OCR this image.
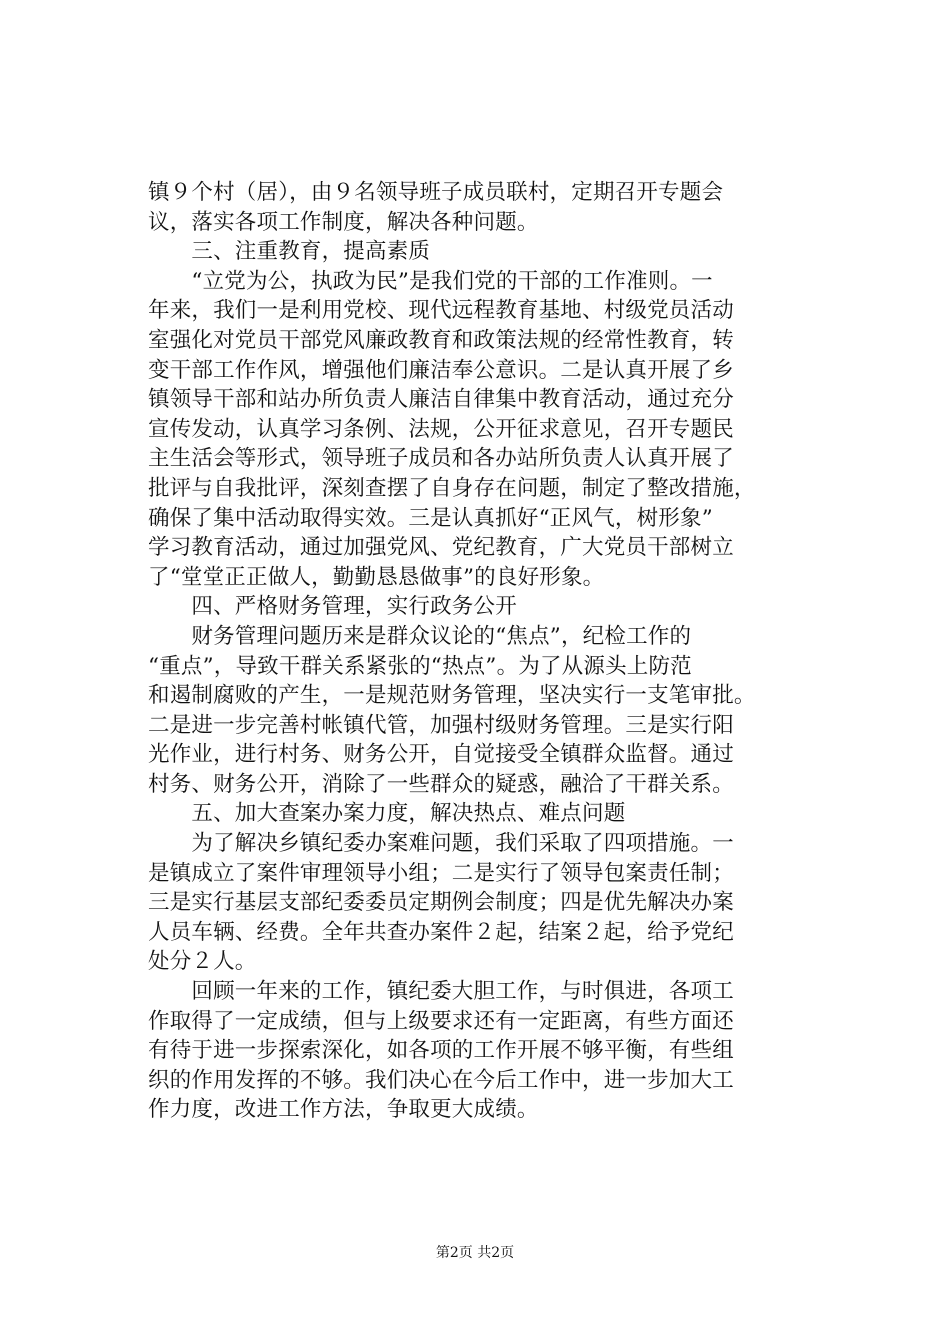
镇９个村（居），由９名领导班子成员联村，定期召开专题会
议，落实各项工作制度，解决各种问题。
　　三、注重教育，提高素质
　　“立党为公，执政为民”是我们党的干部的工作准则。一
年来，我们一是利用党校、现代远程教育基地、村级党员活动
室强化对党员干部党风廉政教育和政策法规的经常性教育，转
变干部工作作风，增强他们廉洁奉公意识。二是认真开展了乡
镇领导干部和站办所负责人廉洁自律集中教育活动，通过充分
宣传发动，认真学习条例、法规，公开征求意见，召开专题民
主生活会等形式，领导班子成员和各办站所负责人认真开展了
批评与自我批评，深刻查摆了自身存在问题，制定了整改措施，
确保了集中活动取得实效。三是认真抓好“正风气，树形象”
学习教育活动，通过加强党风、党纪教育，广大党员干部树立
了“堂堂正正做人，勤勤恳恳做事”的良好形象。
　　四、严格财务管理，实行政务公开
　　财务管理问题历来是群众议论的“焦点”，纪检工作的
“重点”，导致干群关系紧张的“热点”。为了从源头上防范
和遏制腐败的产生，一是规范财务管理，坚决实行一支笔审批。
二是进一步完善村帐镇代管，加强村级财务管理。三是实行阳
光作业，进行村务、财务公开，自觉接受全镇群众监督。通过
村务、财务公开，消除了一些群众的疑惑，融洽了干群关系。
　　五、加大查案办案力度，解决热点、难点问题
　　为了解决乡镇纪委办案难问题，我们采取了四项措施。一
是镇成立了案件审理领导小组；二是实行了领导包案责任制；
三是实行基层支部纪委委员定期例会制度；四是优先解决办案
人员车辆、经费。全年共查办案件２起，结案２起，给予党纪
处分２人。
　　回顾一年来的工作，镇纪委大胆工作，与时俱进，各项工
作取得了一定成绩，但与上级要求还有一定距离，有些方面还
有待于进一步探索深化，如各项的工作开展不够平衡，有些组
织的作用发挥的不够。我们决心在今后工作中，进一步加大工
作力度，改进工作方法，争取更大成绩。
第2页 共2页
